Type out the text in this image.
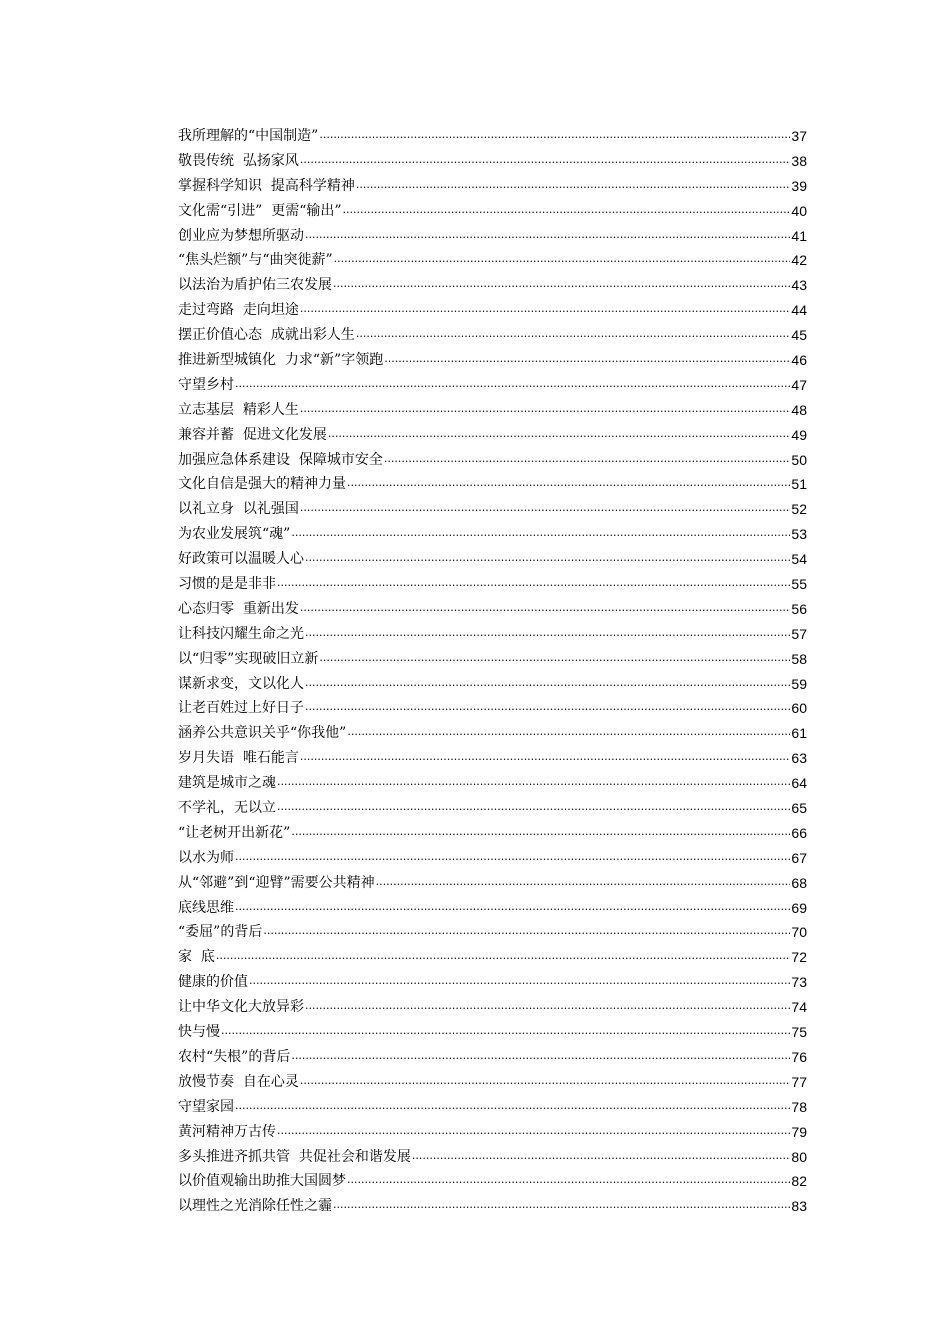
我所理解的“中国制造” .....	37
敬畏传统  弘扬家风 .....	38
掌握科学知识  提高科学精神 .....	39
文化需“引进”  更需“输出” .....	40
创业应为梦想所驱动 .....	41
“焦头烂额”与“曲突徙薪” .....	42
以法治为盾护佑三农发展 .....	43
走过弯路  走向坦途 .....	44
摆正价值心态  成就出彩人生 .....	45
推进新型城镇化  力求“新”字领跑 .....	46
守望乡村 .....	47
立志基层  精彩人生 .....	48
兼容并蓄  促进文化发展 .....	49
加强应急体系建设  保障城市安全 .....	50
文化自信是强大的精神力量 .....	51
以礼立身  以礼强国 .....	52
为农业发展筑“魂” .....	53
好政策可以温暖人心 .....	54
习惯的是是非非 .....	55
心态归零  重新出发 .....	56
让科技闪耀生命之光 .....	57
以“归零”实现破旧立新 .....	58
谋新求变，文以化人 .....	59
让老百姓过上好日子 .....	60
涵养公共意识关乎“你我他” .....	61
岁月失语  唯石能言 .....	63
建筑是城市之魂 .....	64
不学礼，无以立 .....	65
“让老树开出新花” .....	66
以水为师 .....	67
从“邻避”到“迎臂”需要公共精神 .....	68
底线思维 .....	69
“委屈”的背后 .....	70
家  底 .....	72
健康的价值 .....	73
让中华文化大放异彩 .....	74
快与慢 .....	75
农村“失根”的背后 .....	76
放慢节奏  自在心灵 .....	77
守望家园 .....	78
黄河精神万古传 .....	79
多头推进齐抓共管  共促社会和谐发展 .....	80
以价值观输出助推大国圆梦 .....	82
以理性之光消除任性之霾 .....	83
